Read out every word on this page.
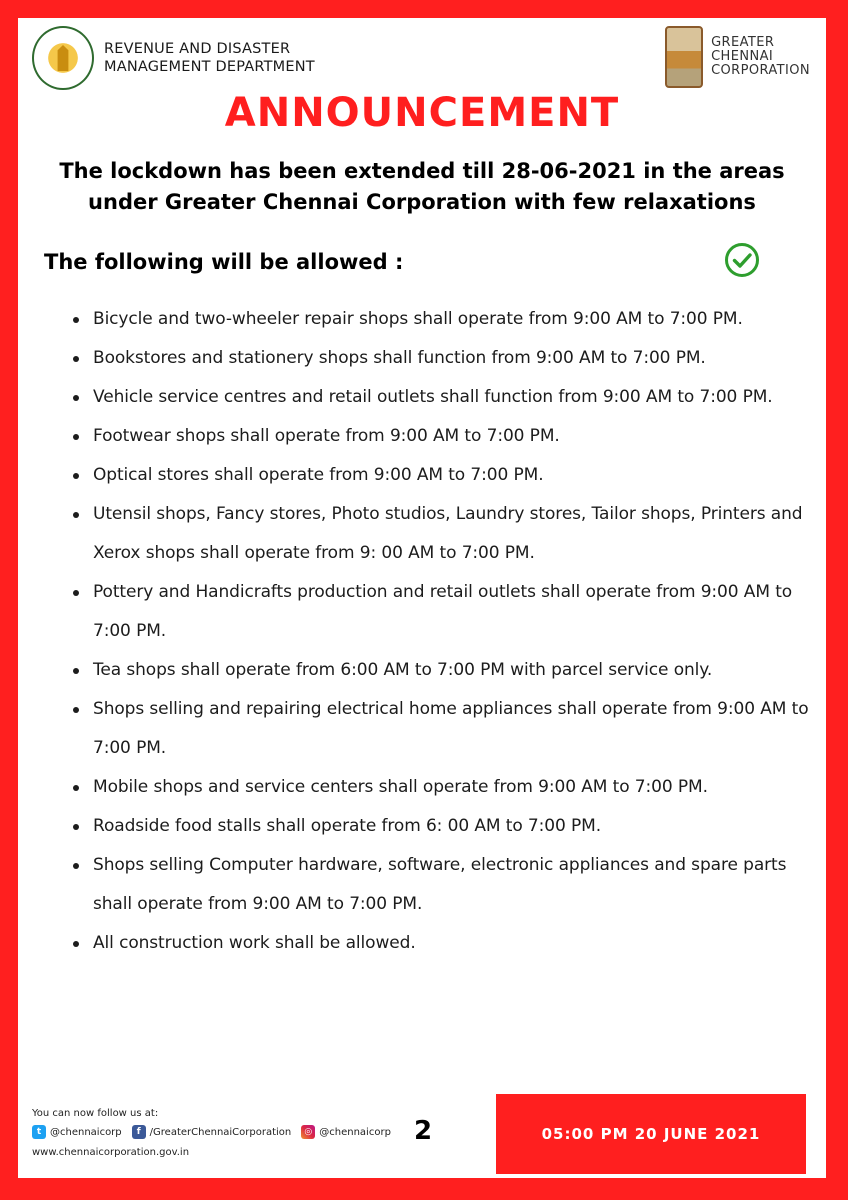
REVENUE AND DISASTER
MANAGEMENT DEPARTMENT
GREATER
CHENNAI
CORPORATION
ANNOUNCEMENT
The lockdown has been extended till 28-06-2021 in the areas under Greater Chennai Corporation with few relaxations
The following will be allowed :
Bicycle and two-wheeler repair shops shall operate from 9:00 AM to 7:00 PM.
Bookstores and stationery shops shall function from 9:00 AM to 7:00 PM.
Vehicle service centres and retail outlets shall function from 9:00 AM to 7:00 PM.
Footwear shops shall operate from 9:00 AM to 7:00 PM.
Optical stores shall operate from 9:00 AM to 7:00 PM.
Utensil shops, Fancy stores, Photo studios, Laundry stores, Tailor shops, Printers and Xerox shops shall operate from 9: 00 AM to 7:00 PM.
Pottery and Handicrafts production and retail outlets shall operate from 9:00 AM to 7:00 PM.
Tea shops shall operate from 6:00 AM to 7:00 PM with parcel service only.
Shops selling and repairing electrical home appliances shall operate from 9:00 AM to 7:00 PM.
Mobile shops and service centers shall operate from 9:00 AM to 7:00 PM.
Roadside food stalls shall operate from 6: 00 AM to 7:00 PM.
Shops selling Computer hardware, software, electronic appliances and spare parts shall operate from 9:00 AM to 7:00 PM.
All construction work shall be allowed.
You can now follow us at:
t @chennaicorp	f /GreaterChennaiCorporation	◎ @chennaicorp
www.chennaicorporation.gov.in
2	05:00 PM 20 JUNE 2021
